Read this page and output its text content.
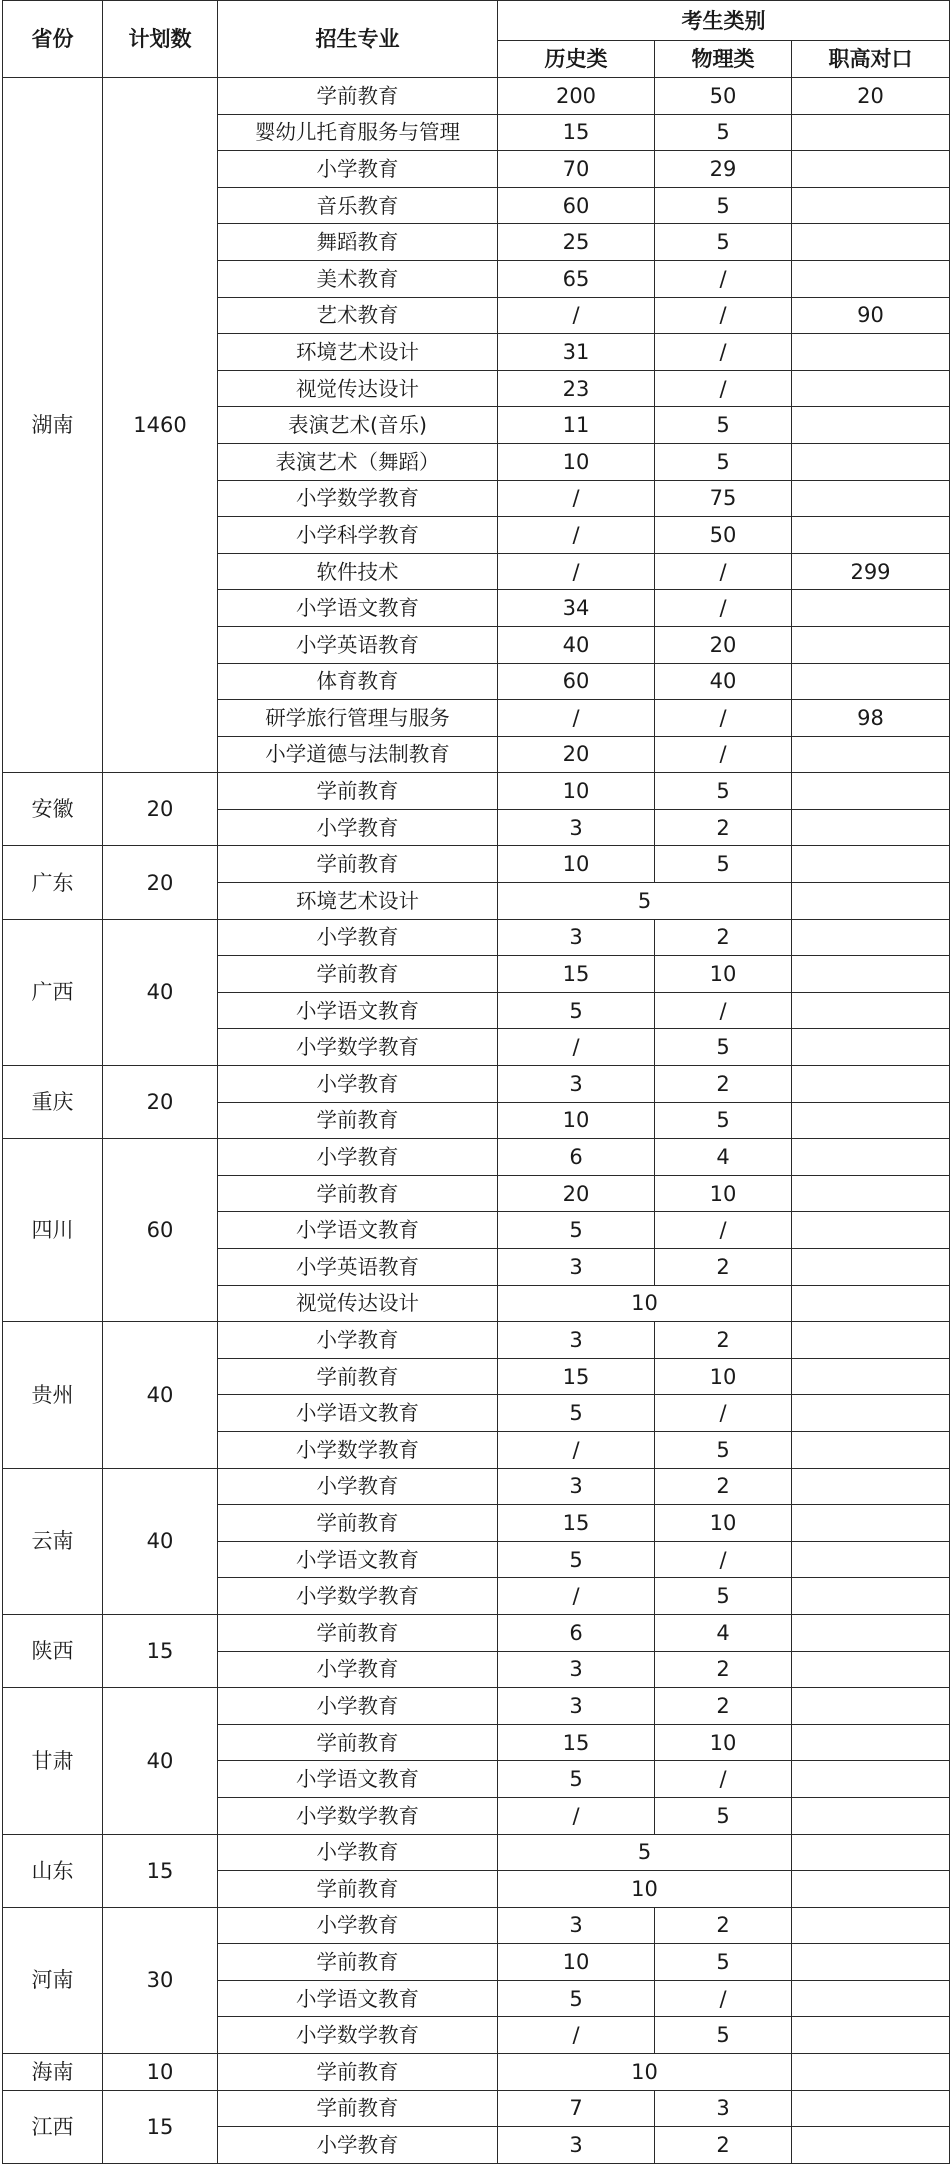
省份	计划数	招生专业	考生类别		
			历史类	物理类	职高对口
湖南	1460	学前教育	200	50	20
		婴幼儿托育服务与管理	15	5	
		小学教育	70	29	
		音乐教育	60	5	
		舞蹈教育	25	5	
		美术教育	65	/	
		艺术教育	/	/	90
		环境艺术设计	31	/	
		视觉传达设计	23	/	
		表演艺术(音乐)	11	5	
		表演艺术（舞蹈）	10	5	
		小学数学教育	/	75	
		小学科学教育	/	50	
		软件技术	/	/	299
		小学语文教育	34	/	
		小学英语教育	40	20	
		体育教育	60	40	
		研学旅行管理与服务	/	/	98
		小学道德与法制教育	20	/	
安徽	20	学前教育	10	5	
		小学教育	3	2	
广东	20	学前教育	10	5	
		环境艺术设计	5		
广西	40	小学教育	3	2	
		学前教育	15	10	
		小学语文教育	5	/	
		小学数学教育	/	5	
重庆	20	小学教育	3	2	
		学前教育	10	5	
四川	60	小学教育	6	4	
		学前教育	20	10	
		小学语文教育	5	/	
		小学英语教育	3	2	
		视觉传达设计	10		
贵州	40	小学教育	3	2	
		学前教育	15	10	
		小学语文教育	5	/	
		小学数学教育	/	5	
云南	40	小学教育	3	2	
		学前教育	15	10	
		小学语文教育	5	/	
		小学数学教育	/	5	
陕西	15	学前教育	6	4	
		小学教育	3	2	
甘肃	40	小学教育	3	2	
		学前教育	15	10	
		小学语文教育	5	/	
		小学数学教育	/	5	
山东	15	小学教育	5		
		学前教育	10		
河南	30	小学教育	3	2	
		学前教育	10	5	
		小学语文教育	5	/	
		小学数学教育	/	5	
海南	10	学前教育	10		
江西	15	学前教育	7	3	
		小学教育	3	2	
